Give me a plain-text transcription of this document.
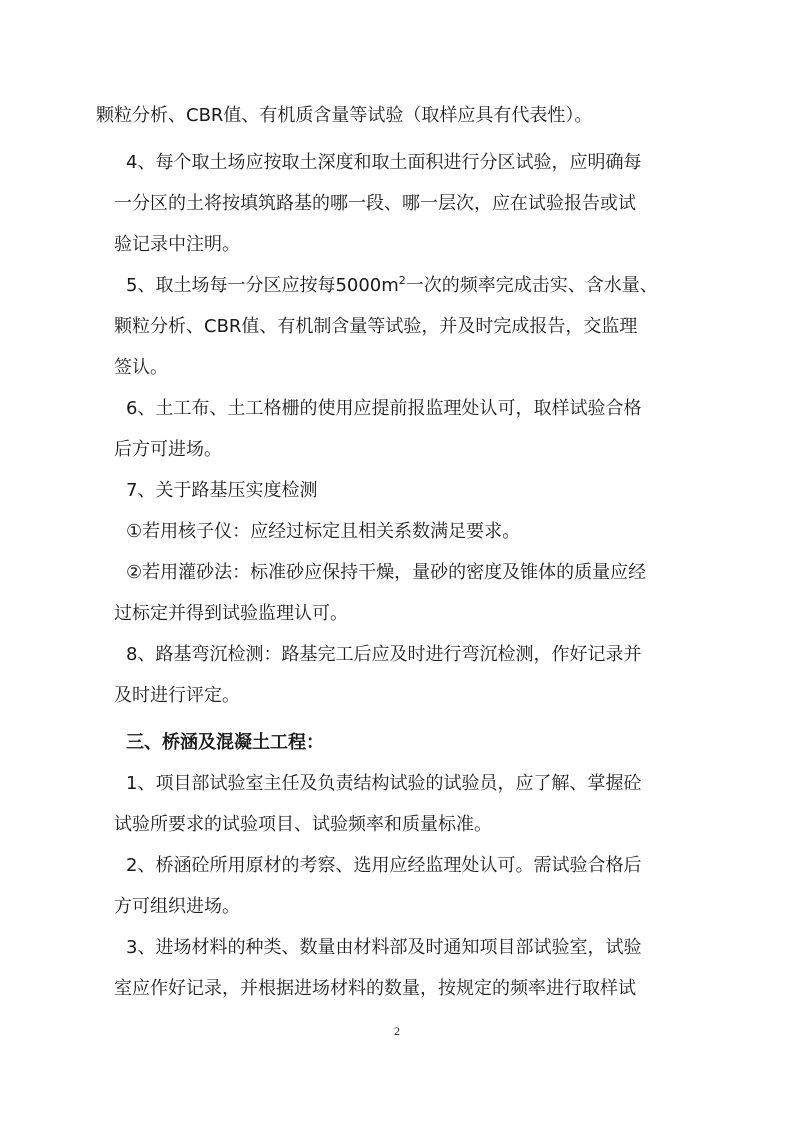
颗粒分析、CBR值、有机质含量等试验（取样应具有代表性）。
4、每个取土场应按取土深度和取土面积进行分区试验，应明确每
一分区的土将按填筑路基的哪一段、哪一层次，应在试验报告或试
验记录中注明。
5、取土场每一分区应按每$5000m^2$一次的频率完成击实、含水量、
颗粒分析、CBR值、有机制含量等试验，并及时完成报告，交监理
签认。
6、土工布、土工格栅的使用应提前报监理处认可，取样试验合格
后方可进场。
7、关于路基压实度检测
①若用核子仪：应经过标定且相关系数满足要求。
②若用灌砂法：标准砂应保持干燥，量砂的密度及锥体的质量应经
过标定并得到试验监理认可。
8、路基弯沉检测：路基完工后应及时进行弯沉检测，作好记录并
及时进行评定。
三、桥涵及混凝土工程：
1、项目部试验室主任及负责结构试验的试验员，应了解、掌握砼
试验所要求的试验项目、试验频率和质量标准。
2、桥涵砼所用原材的考察、选用应经监理处认可。需试验合格后
方可组织进场。
3、进场材料的种类、数量由材料部及时通知项目部试验室，试验
室应作好记录，并根据进场材料的数量，按规定的频率进行取样试
2
